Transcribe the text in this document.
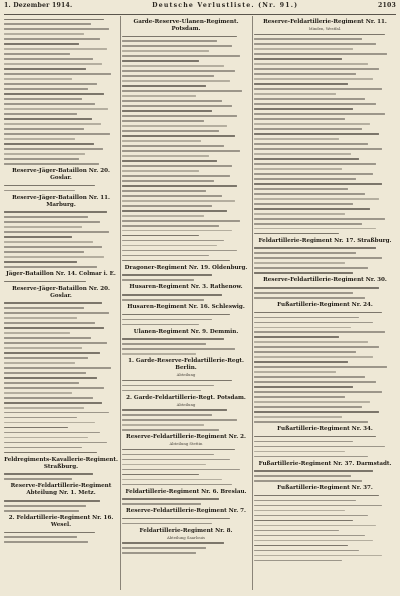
1. Dezember 1914.	Deutsche Verlustliste. (Nr. 91.)	2103
Reserve-Jäger-Bataillon Nr. 20. Goslar.
Reserve-Jäger-Bataillon Nr. 11. Marburg.
Jäger-Bataillon Nr. 14. Colmar i. E.
Reserve-Jäger-Bataillon Nr. 20. Goslar.
Feldregiments-Kavallerie-Regiment. Straßburg.
Reserve-Feldartillerie-Regiment Abteilung Nr. 1. Metz.
2. Feldartillerie-Regiment Nr. 16. Wesel.
Garde-Reserve-Ulanen-Regiment. Potsdam.
Dragoner-Regiment Nr. 19. Oldenburg.
Husaren-Regiment Nr. 3. Rathenow.
Husaren-Regiment Nr. 16. Schleswig.
Ulanen-Regiment Nr. 9. Demmin.
1. Garde-Reserve-Feldartillerie-Regt. Berlin.
Abteilung
2. Garde-Feldartillerie-Regt. Potsdam.
Abteilung
Reserve-Feldartillerie-Regiment Nr. 2.
Abteilung Stettin
Feldartillerie-Regiment Nr. 6. Breslau.
Reserve-Feldartillerie-Regiment Nr. 7.
Feldartillerie-Regiment Nr. 8.
Abteilung Saarlouis
Reserve-Feldartillerie-Regiment Nr. 11.
Minden, Westfal.
Feldartillerie-Regiment Nr. 17. Straßburg.
Reserve-Feldartillerie-Regiment Nr. 30.
Fußartillerie-Regiment Nr. 24.
Fußartillerie-Regiment Nr. 34.
Fußartillerie-Regiment Nr. 37. Darmstadt.
Fußartillerie-Regiment Nr. 37.
